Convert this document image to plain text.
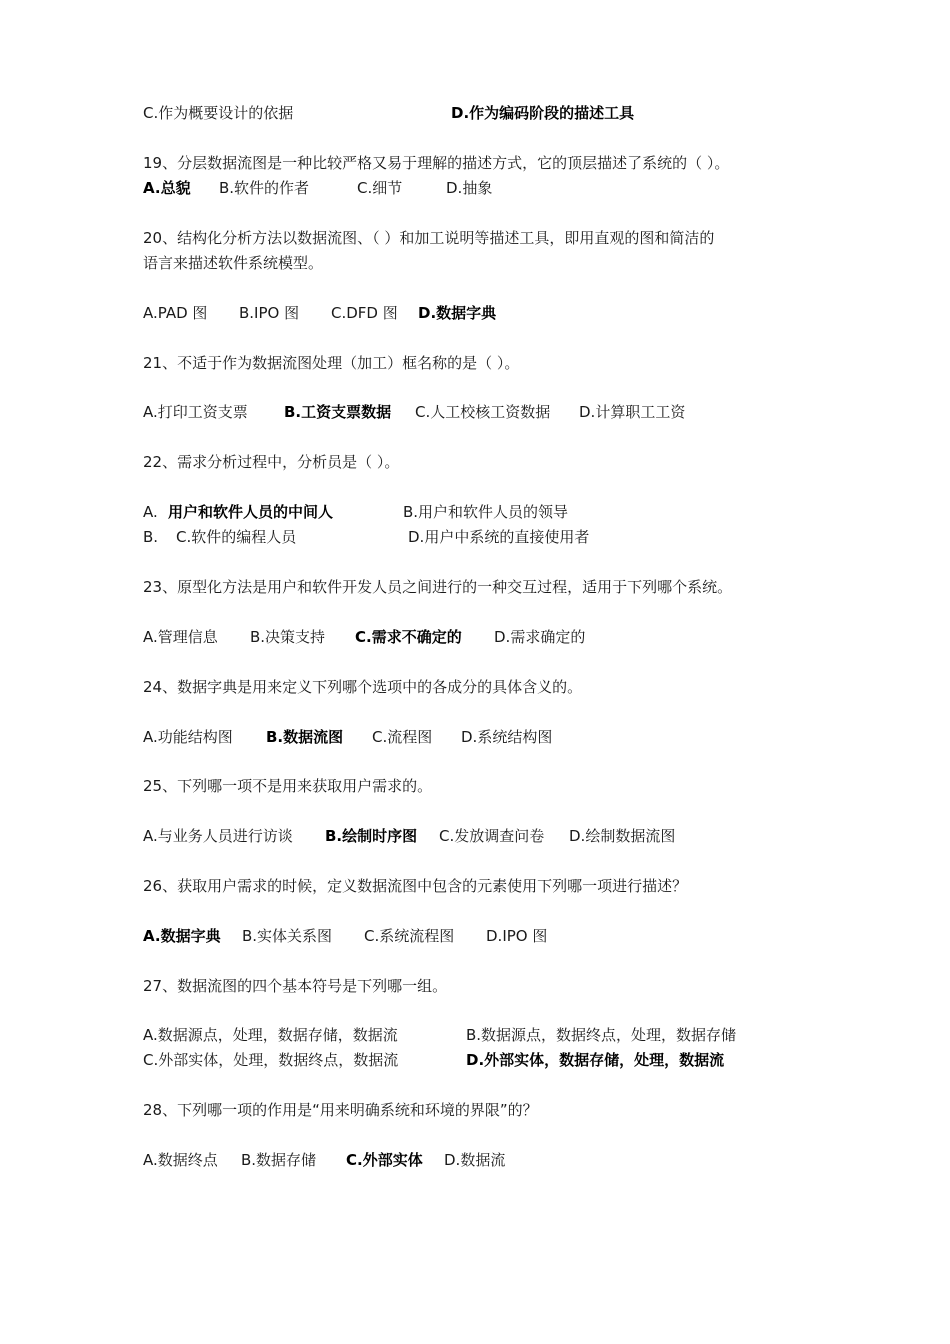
C.作为概要设计的依据	D.作为编码阶段的描述工具
19、分层数据流图是一种比较严格又易于理解的描述方式，它的顶层描述了系统的（ ）。
A.总貌 B.软件的作者	C.细节	D.抽象
20、结构化分析方法以数据流图、（ ）和加工说明等描述工具，即用直观的图和简洁的
语言来描述软件系统模型。
A.PAD 图 B.IPO 图 C.DFD 图 D.数据字典
21、不适于作为数据流图处理（加工）框名称的是（ ）。
A.打印工资支票 B.工资支票数据 C.人工校核工资数据 D.计算职工工资
22、需求分析过程中，分析员是（ ）。
A. 用户和软件人员的中间人	B.用户和软件人员的领导
B. C.软件的编程人员	D.用户中系统的直接使用者
23、原型化方法是用户和软件开发人员之间进行的一种交互过程，适用于下列哪个系统。
A.管理信息 B.决策支持 C.需求不确定的 D.需求确定的
24、数据字典是用来定义下列哪个选项中的各成分的具体含义的。
A.功能结构图 B.数据流图 C.流程图 D.系统结构图
25、下列哪一项不是用来获取用户需求的。
A.与业务人员进行访谈 B.绘制时序图 C.发放调查问卷 D.绘制数据流图
26、获取用户需求的时候，定义数据流图中包含的元素使用下列哪一项进行描述？
A.数据字典 B.实体关系图 C.系统流程图 D.IPO 图
27、数据流图的四个基本符号是下列哪一组。
A.数据源点，处理，数据存储，数据流	B.数据源点，数据终点，处理，数据存储
C.外部实体，处理，数据终点，数据流	D.外部实体，数据存储，处理，数据流
28、下列哪一项的作用是“用来明确系统和环境的界限”的？
A.数据终点 B.数据存储 C.外部实体 D.数据流
